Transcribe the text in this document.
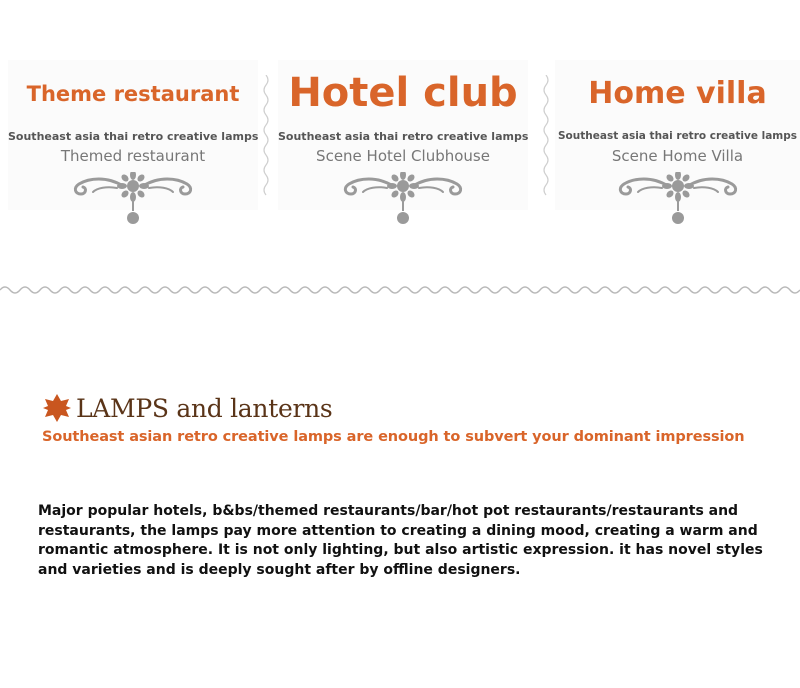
Theme restaurant
Southeast asia thai retro creative lamps
Themed restaurant
Hotel club
Southeast asia thai retro creative lamps
Scene Hotel Clubhouse
Home villa
Southeast asia thai retro creative lamps
Scene Home Villa
LAMPS and lanterns
Southeast asian retro creative lamps are enough to subvert your dominant impression
Major popular hotels, b&bs/themed restaurants/bar/hot pot restaurants/restaurants and restaurants, the lamps pay more attention to creating a dining mood, creating a warm and romantic atmosphere. It is not only lighting, but also artistic expression. it has novel styles and varieties and is deeply sought after by offline designers.
